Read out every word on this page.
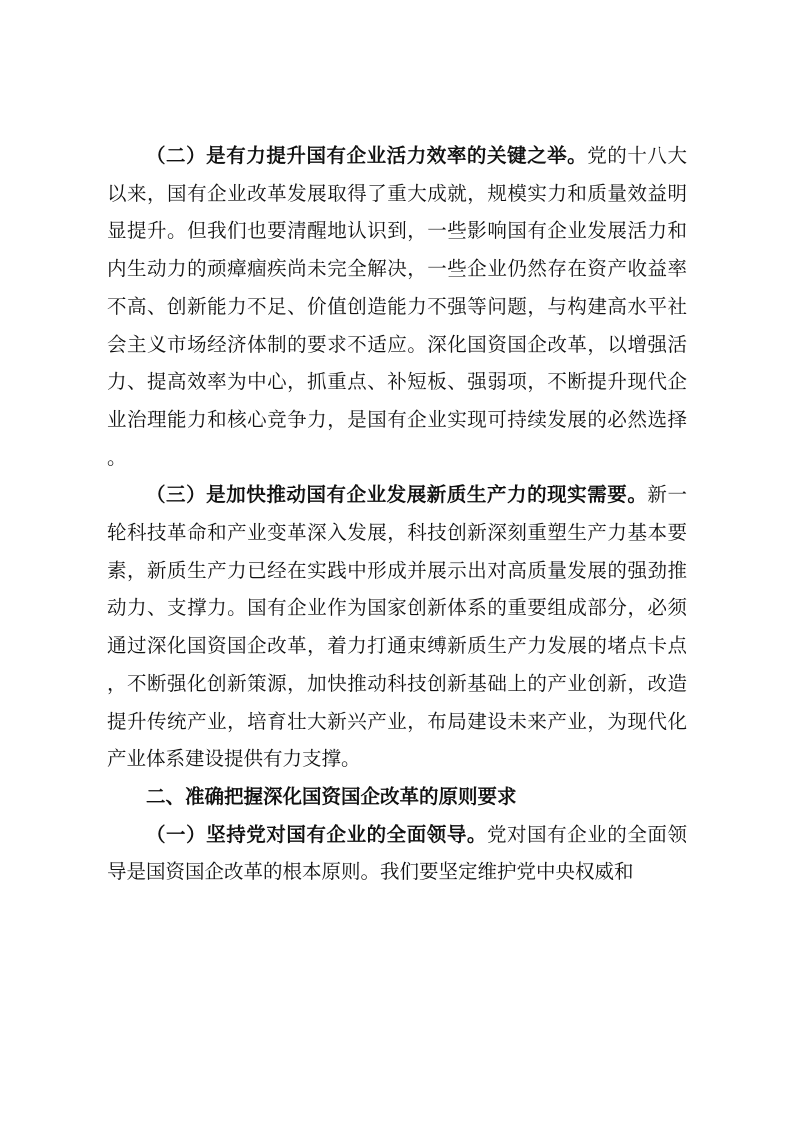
（二）是有力提升国有企业活力效率的关键之举。党的十八大以来，国有企业改革发展取得了重大成就，规模实力和质量效益明显提升。但我们也要清醒地认识到，一些影响国有企业发展活力和内生动力的顽瘴痼疾尚未完全解决，一些企业仍然存在资产收益率不高、创新能力不足、价值创造能力不强等问题，与构建高水平社会主义市场经济体制的要求不适应。深化国资国企改革，以增强活力、提高效率为中心，抓重点、补短板、强弱项，不断提升现代企业治理能力和核心竞争力，是国有企业实现可持续发展的必然选择。

（三）是加快推动国有企业发展新质生产力的现实需要。新一轮科技革命和产业变革深入发展，科技创新深刻重塑生产力基本要素，新质生产力已经在实践中形成并展示出对高质量发展的强劲推动力、支撑力。国有企业作为国家创新体系的重要组成部分，必须通过深化国资国企改革，着力打通束缚新质生产力发展的堵点卡点，不断强化创新策源，加快推动科技创新基础上的产业创新，改造提升传统产业，培育壮大新兴产业，布局建设未来产业，为现代化产业体系建设提供有力支撑。

二、准确把握深化国资国企改革的原则要求

（一）坚持党对国有企业的全面领导。党对国有企业的全面领导是国资国企改革的根本原则。我们要坚定维护党中央权威和
